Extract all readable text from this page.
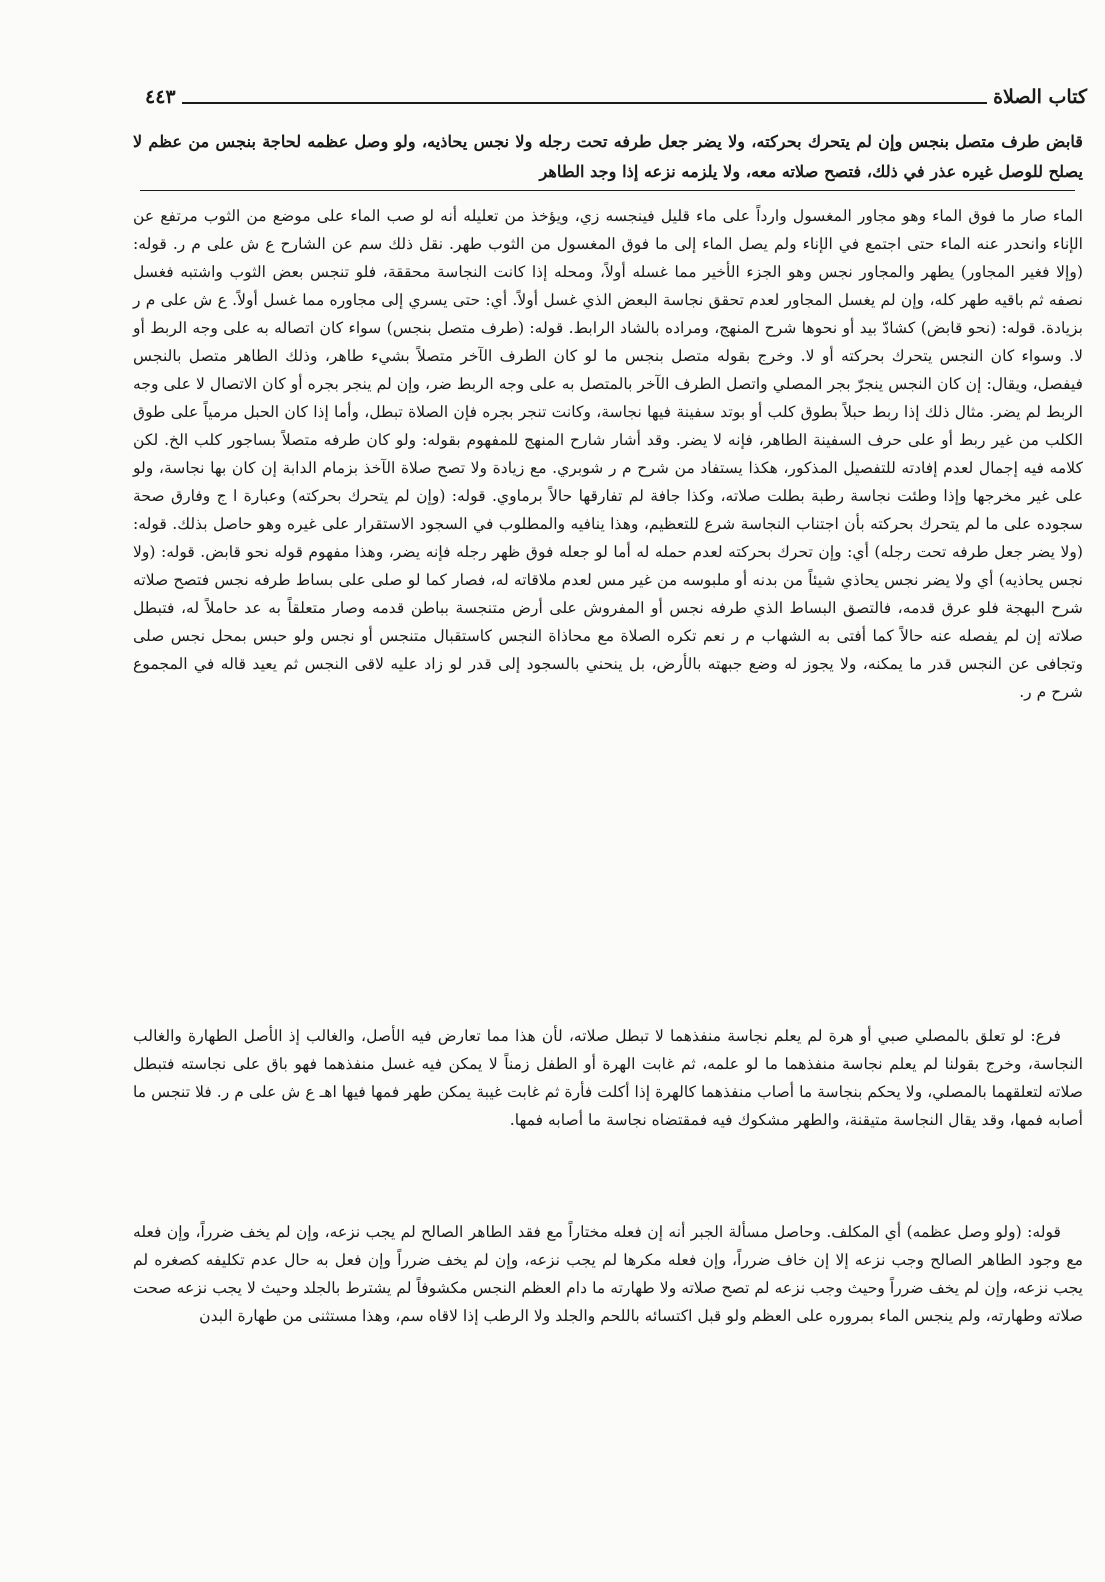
٤٤٣	كتاب الصلاة

قابض طرف متصل بنجس وإن لم يتحرك بحركته، ولا يضر جعل طرفه تحت رجله ولا نجس يحاذيه، ولو وصل عظمه لحاجة بنجس من عظم لا يصلح للوصل غيره عذر في ذلك، فتصح صلاته معه، ولا يلزمه نزعه إذا وجد الطاهر

الماء صار ما فوق الماء وهو مجاور المغسول وارداً على ماء قليل فينجسه زي، ويؤخذ من تعليله أنه لو صب الماء على موضع من الثوب مرتفع عن الإناء وانحدر عنه الماء حتى اجتمع في الإناء ولم يصل الماء إلى ما فوق المغسول من الثوب طهر. نقل ذلك سم عن الشارح ع ش على م ر. قوله: (وإلا فغير المجاور) يطهر والمجاور نجس وهو الجزء الأخير مما غسله أولاً، ومحله إذا كانت النجاسة محققة، فلو تنجس بعض الثوب واشتبه فغسل نصفه ثم باقيه طهر كله، وإن لم يغسل المجاور لعدم تحقق نجاسة البعض الذي غسل أولاً. أي: حتى يسري إلى مجاوره مما غسل أولاً. ع ش على م ر بزيادة. قوله: (نحو قابض) كشادّ بيد أو نحوها شرح المنهج، ومراده بالشاد الرابط. قوله: (طرف متصل بنجس) سواء كان اتصاله به على وجه الربط أو لا. وسواء كان النجس يتحرك بحركته أو لا. وخرج بقوله متصل بنجس ما لو كان الطرف الآخر متصلاً بشيء طاهر، وذلك الطاهر متصل بالنجس فيفصل، ويقال: إن كان النجس ينجرّ بجر المصلي واتصل الطرف الآخر بالمتصل به على وجه الربط ضر، وإن لم ينجر بجره أو كان الاتصال لا على وجه الربط لم يضر. مثال ذلك إذا ربط حبلاً بطوق كلب أو بوتد سفينة فيها نجاسة، وكانت تنجر بجره فإن الصلاة تبطل، وأما إذا كان الحبل مرمياً على طوق الكلب من غير ربط أو على حرف السفينة الطاهر، فإنه لا يضر. وقد أشار شارح المنهج للمفهوم بقوله: ولو كان طرفه متصلاً بساجور كلب الخ. لكن كلامه فيه إجمال لعدم إفادته للتفصيل المذكور، هكذا يستفاد من شرح م ر شوبري. مع زيادة ولا تصح صلاة الآخذ بزمام الدابة إن كان بها نجاسة، ولو على غير مخرجها وإذا وطئت نجاسة رطبة بطلت صلاته، وكذا جافة لم تفارقها حالاً برماوي. قوله: (وإن لم يتحرك بحركته) وعبارة ا ج وفارق صحة سجوده على ما لم يتحرك بحركته بأن اجتناب النجاسة شرع للتعظيم، وهذا ينافيه والمطلوب في السجود الاستقرار على غيره وهو حاصل بذلك. قوله: (ولا يضر جعل طرفه تحت رجله) أي: وإن تحرك بحركته لعدم حمله له أما لو جعله فوق ظهر رجله فإنه يضر، وهذا مفهوم قوله نحو قابض. قوله: (ولا نجس يحاذيه) أي ولا يضر نجس يحاذي شيئاً من بدنه أو ملبوسه من غير مس لعدم ملاقاته له، فصار كما لو صلى على بساط طرفه نجس فتصح صلاته شرح البهجة فلو عرق قدمه، فالتصق البساط الذي طرفه نجس أو المفروش على أرض متنجسة بباطن قدمه وصار متعلقاً به عد حاملاً له، فتبطل صلاته إن لم يفصله عنه حالاً كما أفتى به الشهاب م ر نعم تكره الصلاة مع محاذاة النجس كاستقبال متنجس أو نجس ولو حبس بمحل نجس صلى وتجافى عن النجس قدر ما يمكنه، ولا يجوز له وضع جبهته بالأرض، بل ينحني بالسجود إلى قدر لو زاد عليه لاقى النجس ثم يعيد قاله في المجموع شرح م ر.

فرع: لو تعلق بالمصلي صبي أو هرة لم يعلم نجاسة منفذهما لا تبطل صلاته، لأن هذا مما تعارض فيه الأصل، والغالب إذ الأصل الطهارة والغالب النجاسة، وخرج بقولنا لم يعلم نجاسة منفذهما ما لو علمه، ثم غابت الهرة أو الطفل زمناً لا يمكن فيه غسل منفذهما فهو باق على نجاسته فتبطل صلاته لتعلقهما بالمصلي، ولا يحكم بنجاسة ما أصاب منفذهما كالهرة إذا أكلت فأرة ثم غابت غيبة يمكن طهر فمها فيها اهـ ع ش على م ر. فلا تنجس ما أصابه فمها، وقد يقال النجاسة متيقنة، والطهر مشكوك فيه فمقتضاه نجاسة ما أصابه فمها.

قوله: (ولو وصل عظمه) أي المكلف. وحاصل مسألة الجبر أنه إن فعله مختاراً مع فقد الطاهر الصالح لم يجب نزعه، وإن لم يخف ضرراً، وإن فعله مع وجود الطاهر الصالح وجب نزعه إلا إن خاف ضرراً، وإن فعله مكرها لم يجب نزعه، وإن لم يخف ضرراً وإن فعل به حال عدم تكليفه كصغره لم يجب نزعه، وإن لم يخف ضرراً وحيث وجب نزعه لم تصح صلاته ولا طهارته ما دام العظم النجس مكشوفاً لم يشترط بالجلد وحيث لا يجب نزعه صحت صلاته وطهارته، ولم ينجس الماء بمروره على العظم ولو قبل اكتسائه باللحم والجلد ولا الرطب إذا لاقاه سم، وهذا مستثنى من طهارة البدن
